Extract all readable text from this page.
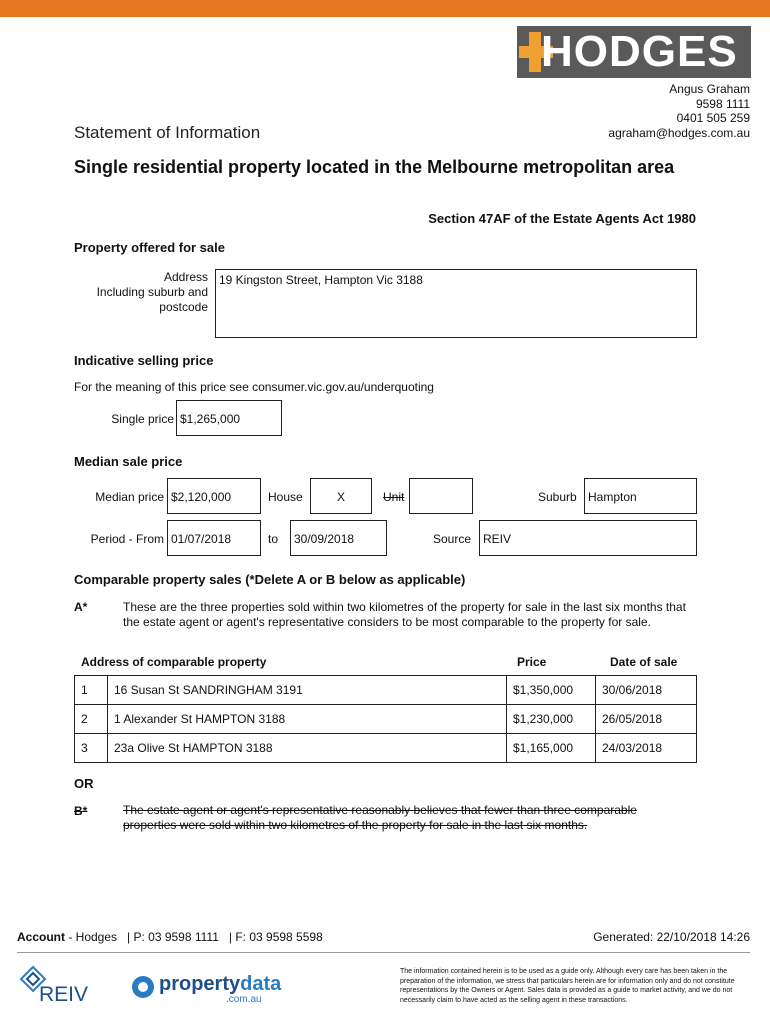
HODGES
Angus Graham
9598 1111
0401 505 259
agraham@hodges.com.au
Statement of Information
Single residential property located in the Melbourne metropolitan area
Section 47AF of the Estate Agents Act 1980
Property offered for sale
Address
Including suburb and
postcode
19 Kingston Street, Hampton Vic 3188
Indicative selling price
For the meaning of this price see consumer.vic.gov.au/underquoting
Single price $1,265,000
Median sale price
Median price $2,120,000	House	X	Unit	Suburb Hampton
Period - From 01/07/2018	to	30/09/2018	Source REIV
Comparable property sales (*Delete A or B below as applicable)
A*	These are the three properties sold within two kilometres of the property for sale in the last six months that the estate agent or agent's representative considers to be most comparable to the property for sale.
Address of comparable property	Price	Date of sale
1	16 Susan St SANDRINGHAM 3191	$1,350,000	30/06/2018
2	1 Alexander St HAMPTON 3188	$1,230,000	26/05/2018
3	23a Olive St HAMPTON 3188	$1,165,000	24/03/2018
OR
B*	The estate agent or agent's representative reasonably believes that fewer than three comparable properties were sold within two kilometres of the property for sale in the last six months.
Account - Hodges   | P: 03 9598 1111   | F: 03 9598 5598	Generated: 22/10/2018 14:26
REIV	propertydata
.com.au
The information contained herein is to be used as a guide only. Although every care has been taken in the preparation of the information, we stress that particulars herein are for information only and do not constitute representations by the Owners or Agent. Sales data is provided as a guide to market activity, and we do not necessarily claim to have acted as the selling agent in these transactions.
